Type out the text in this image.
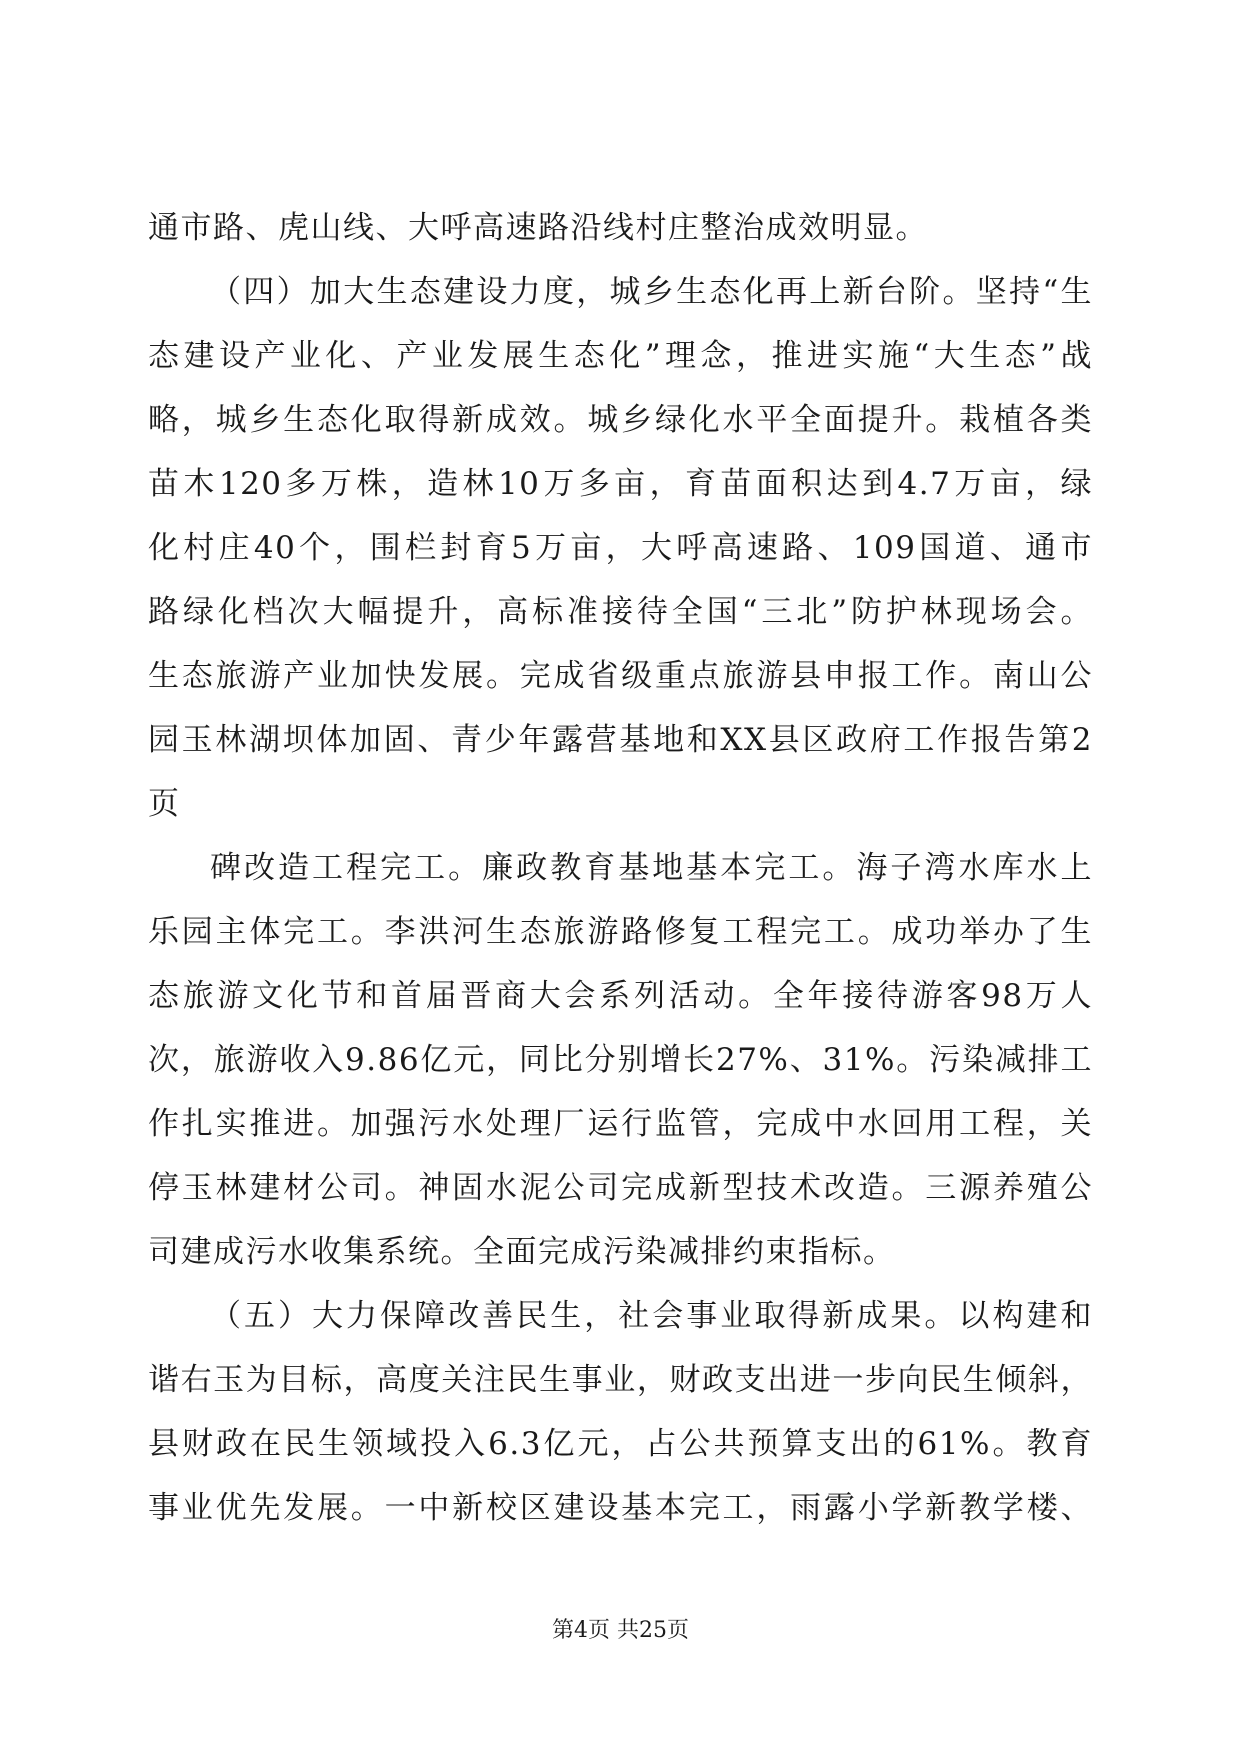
通市路、虎山线、大呼高速路沿线村庄整治成效明显。
（四）加大生态建设力度，城乡生态化再上新台阶。坚持“生
态建设产业化、产业发展生态化”理念，推进实施“大生态”战
略，城乡生态化取得新成效。城乡绿化水平全面提升。栽植各类
苗木120多万株，造林10万多亩，育苗面积达到4.7万亩，绿
化村庄40个，围栏封育5万亩，大呼高速路、109国道、通市
路绿化档次大幅提升，高标准接待全国“三北”防护林现场会。
生态旅游产业加快发展。完成省级重点旅游县申报工作。南山公
园玉林湖坝体加固、青少年露营基地和XX县区政府工作报告第2
页
碑改造工程完工。廉政教育基地基本完工。海子湾水库水上
乐园主体完工。李洪河生态旅游路修复工程完工。成功举办了生
态旅游文化节和首届晋商大会系列活动。全年接待游客98万人
次，旅游收入9.86亿元，同比分别增长27%、31%。污染减排工
作扎实推进。加强污水处理厂运行监管，完成中水回用工程，关
停玉林建材公司。神固水泥公司完成新型技术改造。三源养殖公
司建成污水收集系统。全面完成污染减排约束指标。
（五）大力保障改善民生，社会事业取得新成果。以构建和
谐右玉为目标，高度关注民生事业，财政支出进一步向民生倾斜，
县财政在民生领域投入6.3亿元，占公共预算支出的61%。教育
事业优先发展。一中新校区建设基本完工，雨露小学新教学楼、
第4页 共25页
